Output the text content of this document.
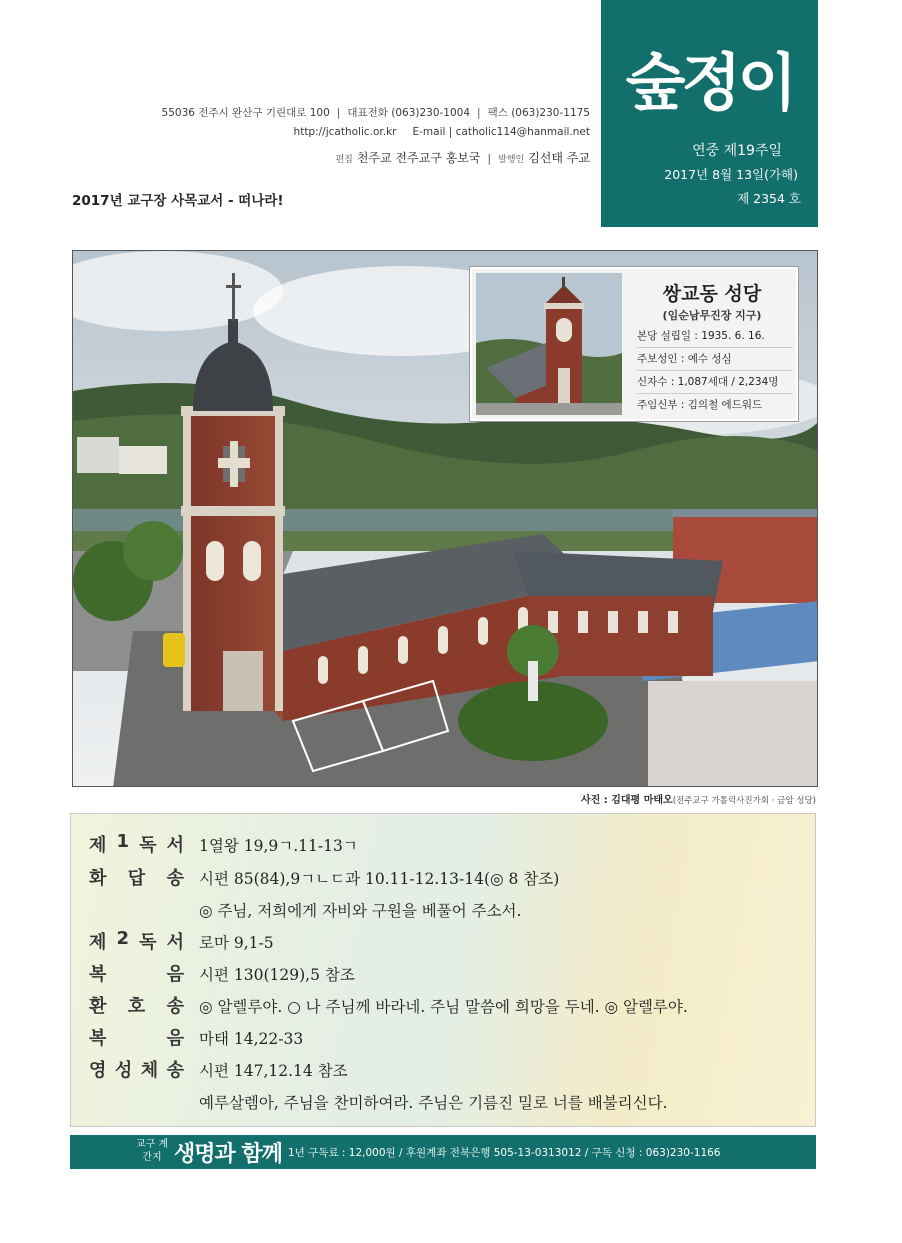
55036 전주시 완산구 기린대로 100 | 대표전화 (063)230-1004 | 팩스 (063)230-1175
http://jcatholic.or.kr E-mail | catholic114@hanmail.net
편집 천주교 전주교구 홍보국 | 발행인 김선태 주교
2017년 교구장 사목교서 - 떠나라!
숲정이
연중 제19주일
2017년 8월 13일(가해)
제 2354 호
사진 : 김대평 마태오(전주교구 가톨릭사진가회 · 금암 성당)
쌍교동 성당
(임순남무진장 지구)
본당 설립일 : 1935. 6. 16.
주보성인 : 예수 성심
신자수 : 1,087세대 / 2,234명
주임신부 : 김의철 에드워드
제 1 독 서 1열왕 19,9ㄱ.11-13ㄱ
화 답 송 시편 85(84),9ㄱㄴㄷ과 10.11-12.13-14(◎ 8 참조)
◎ 주님, 저희에게 자비와 구원을 베풀어 주소서.
제 2 독 서 로마 9,1-5
복	음 시편 130(129),5 참조
환 호 송 ◎ 알렐루야. ○ 나 주님께 바라네. 주님 말씀에 희망을 두네. ◎ 알렐루야.
복	음 마태 14,22-33
영 성 체 송 시편 147,12.14 참조
예루살렘아, 주님을 찬미하여라. 주님은 기름진 밀로 너를 배불리신다.
교구 계간지 생명과 함께 1년 구독료 : 12,000원 / 후원계좌 전북은행 505-13-0313012 / 구독 신청 : 063)230-1166
